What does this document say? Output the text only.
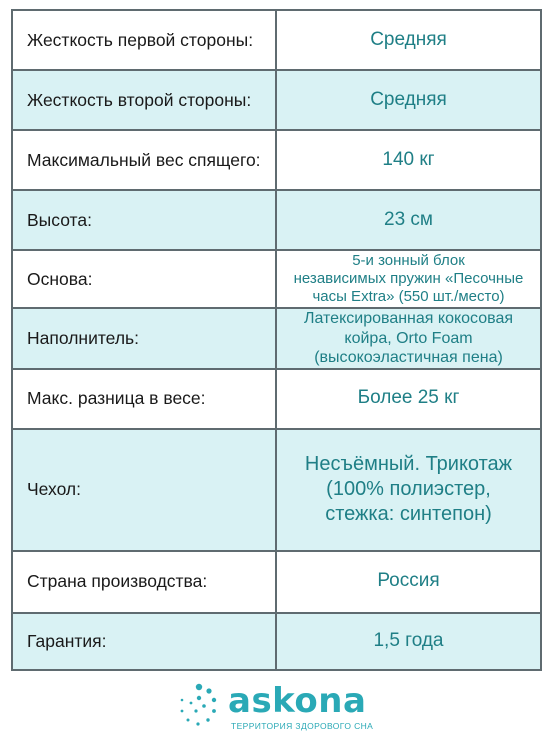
Жесткость первой стороны:	Средняя
Жесткость второй стороны:	Средняя
Максимальный вес спящего:	140 кг
Высота:	23 см
Основа:	5-и зонный блок
независимых пружин «Песочные
часы Extra» (550 шт./место)

Наполнитель:	Латексированная кокосовая
койра, Orto Foam
(высокоэластичная пена)

Макс. разница в весе:	Более 25 кг
Чехол:	Несъёмный. Трикотаж
(100% полиэстер,
стежка: синтепон)

Страна производства:	Россия
Гарантия:	1,5 года
askona
ТЕРРИТОРИЯ ЗДОРОВОГО СНА
